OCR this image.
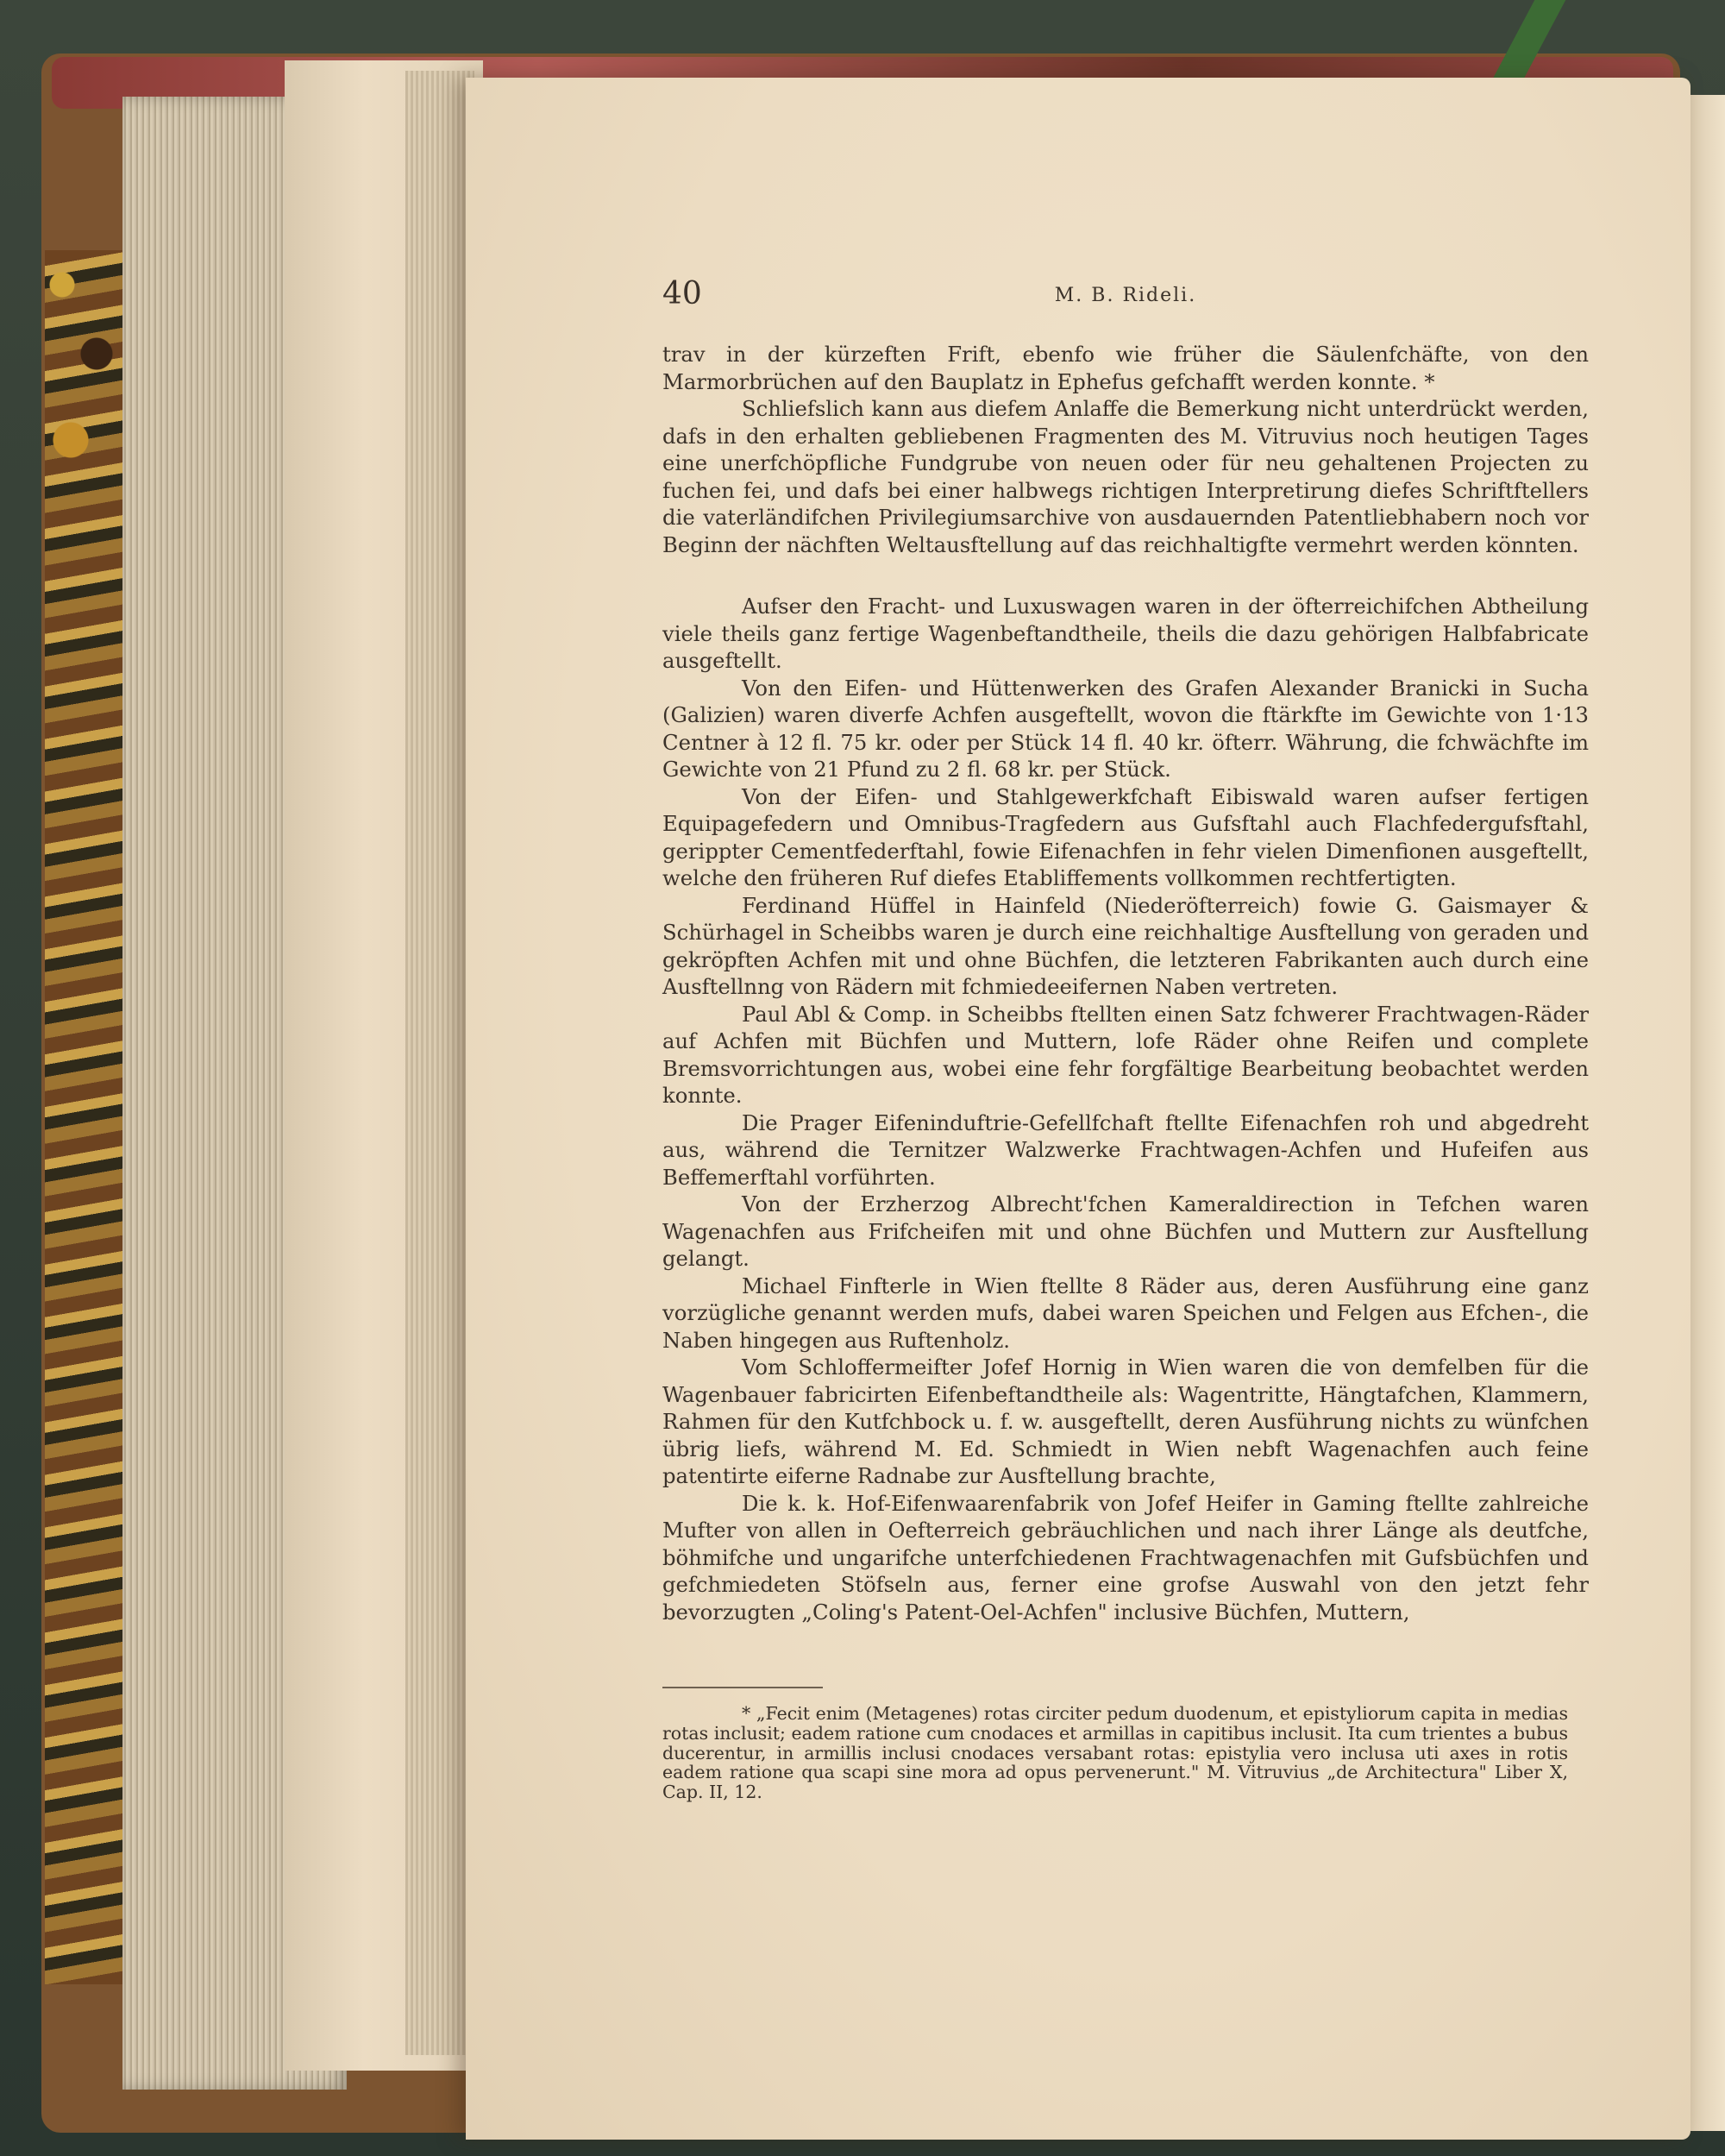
40	M. B. Rideli.

trav in der kürzeften Frift, ebenfo wie früher die Säulenfchäfte, von den Marmorbrüchen auf den Bauplatz in Ephefus gefchafft werden konnte. *

Schliefslich kann aus diefem Anlaffe die Bemerkung nicht unterdrückt werden, dafs in den erhalten gebliebenen Fragmenten des M. Vitruvius noch heutigen Tages eine unerfchöpfliche Fundgrube von neuen oder für neu gehaltenen Projecten zu fuchen fei, und dafs bei einer halbwegs richtigen Interpretirung diefes Schriftftellers die vaterländifchen Privilegiumsarchive von ausdauernden Patentliebhabern noch vor Beginn der nächften Weltausftellung auf das reichhaltigfte vermehrt werden könnten.

Aufser den Fracht- und Luxuswagen waren in der öfterreichifchen Abtheilung viele theils ganz fertige Wagenbeftandtheile, theils die dazu gehörigen Halbfabricate ausgeftellt.

Von den Eifen- und Hüttenwerken des Grafen Alexander Branicki in Sucha (Galizien) waren diverfe Achfen ausgeftellt, wovon die ftärkfte im Gewichte von 1·13 Centner à 12 fl. 75 kr. oder per Stück 14 fl. 40 kr. öfterr. Währung, die fchwächfte im Gewichte von 21 Pfund zu 2 fl. 68 kr. per Stück.

Von der Eifen- und Stahlgewerkfchaft Eibiswald waren aufser fertigen Equipagefedern und Omnibus-Tragfedern aus Gufsftahl auch Flachfedergufsftahl, gerippter Cementfederftahl, fowie Eifenachfen in fehr vielen Dimenfionen ausgeftellt, welche den früheren Ruf diefes Etabliffements vollkommen rechtfertigten.

Ferdinand Hüffel in Hainfeld (Niederöfterreich) fowie G. Gaismayer & Schürhagel in Scheibbs waren je durch eine reichhaltige Ausftellung von geraden und gekröpften Achfen mit und ohne Büchfen, die letzteren Fabrikanten auch durch eine Ausftellnng von Rädern mit fchmiedeeifernen Naben vertreten.

Paul Abl & Comp. in Scheibbs ftellten einen Satz fchwerer Frachtwagen-Räder auf Achfen mit Büchfen und Muttern, lofe Räder ohne Reifen und complete Bremsvorrichtungen aus, wobei eine fehr forgfältige Bearbeitung beobachtet werden konnte.

Die Prager Eifeninduftrie-Gefellfchaft ftellte Eifenachfen roh und abgedreht aus, während die Ternitzer Walzwerke Frachtwagen-Achfen und Hufeifen aus Beffemerftahl vorführten.

Von der Erzherzog Albrecht'fchen Kameraldirection in Tefchen waren Wagenachfen aus Frifcheifen mit und ohne Büchfen und Muttern zur Ausftellung gelangt.

Michael Finfterle in Wien ftellte 8 Räder aus, deren Ausführung eine ganz vorzügliche genannt werden mufs, dabei waren Speichen und Felgen aus Efchen-, die Naben hingegen aus Ruftenholz.

Vom Schloffermeifter Jofef Hornig in Wien waren die von demfelben für die Wagenbauer fabricirten Eifenbeftandtheile als: Wagentritte, Hängtafchen, Klammern, Rahmen für den Kutfchbock u. f. w. ausgeftellt, deren Ausführung nichts zu wünfchen übrig liefs, während M. Ed. Schmiedt in Wien nebft Wagenachfen auch feine patentirte eiferne Radnabe zur Ausftellung brachte,

Die k. k. Hof-Eifenwaarenfabrik von Jofef Heifer in Gaming ftellte zahlreiche Mufter von allen in Oefterreich gebräuchlichen und nach ihrer Länge als deutfche, böhmifche und ungarifche unterfchiedenen Frachtwagenachfen mit Gufsbüchfen und gefchmiedeten Stöfseln aus, ferner eine grofse Auswahl von den jetzt fehr bevorzugten „Coling's Patent-Oel-Achfen" inclusive Büchfen, Muttern,

* „Fecit enim (Metagenes) rotas circiter pedum duodenum, et epistyliorum capita in medias rotas inclusit; eadem ratione cum cnodaces et armillas in capitibus inclusit. Ita cum trientes a bubus ducerentur, in armillis inclusi cnodaces versabant rotas: epistylia vero inclusa uti axes in rotis eadem ratione qua scapi sine mora ad opus pervenerunt." M. Vitruvius „de Architectura" Liber X, Cap. II, 12.
